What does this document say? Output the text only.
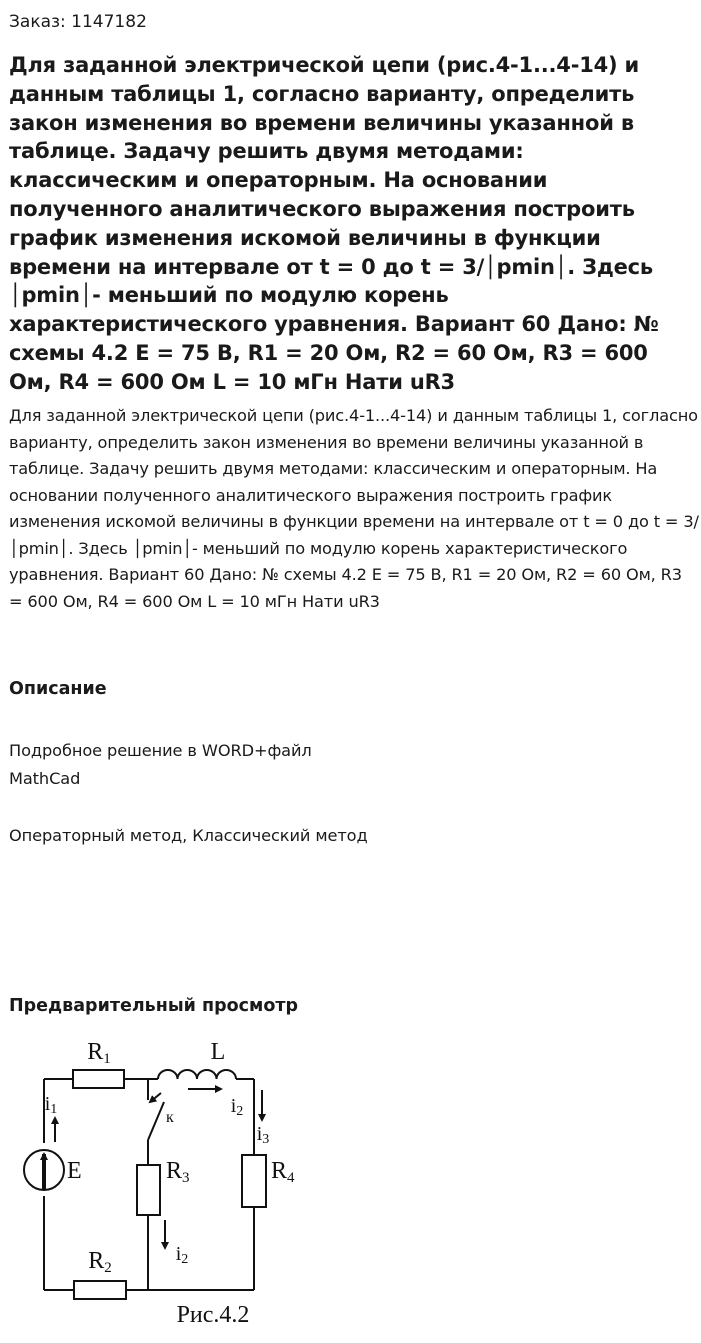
Заказ: 1147182
Для заданной электрической цепи (рис.4-1...4-14) и данным таблицы 1, согласно варианту, определить закон изменения во времени величины указанной в таблице. Задачу решить двумя методами: классическим и операторным. На основании полученного аналитического выражения построить график изменения искомой величины в функции времени на интервале от t = 0 до t = 3/│pmin│. Здесь │pmin│- меньший по модулю корень характеристического уравнения. Вариант 60 Дано: № схемы 4.2 E = 75 В, R1 = 20 Ом, R2 = 60 Ом, R3 = 600 Ом, R4 = 600 Ом L = 10 мГн Нати uR3

Для заданной электрической цепи (рис.4-1...4-14) и данным таблицы 1, согласно варианту, определить закон изменения во времени величины указанной в таблице. Задачу решить двумя методами: классическим и операторным. На основании полученного аналитического выражения построить график изменения искомой величины в функции времени на интервале от t = 0 до t = 3/│pmin│. Здесь │pmin│- меньший по модулю корень характеристического уравнения. Вариант 60 Дано: № схемы 4.2 E = 75 В, R1 = 20 Ом, R2 = 60 Ом, R3 = 600 Ом, R4 = 600 Ом L = 10 мГн Нати uR3

Описание
Подробное решение в WORD+файл
MathCad
Операторный метод, Классический метод
Предварительный просмотр
R1	L
i1
E
к
i2
i3
R3	R4
i2
R2
Рис.4.2
